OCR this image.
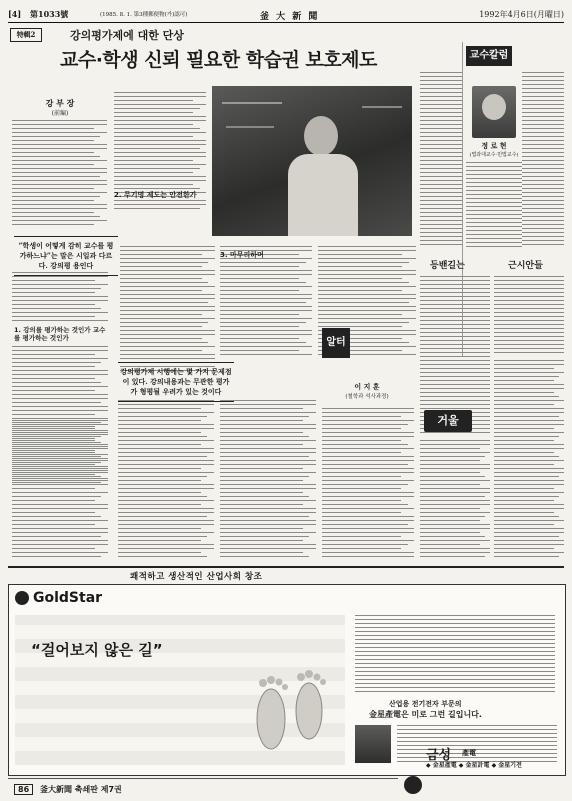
[4] 第1033號	(1985. 8. 1. 第3種郵便物(가)認可)	釜 大 新 聞	1992年4月6日(月曜日)
特輯2	강의평가제에 대한 단상
교수·학생 신뢰 필요한 학습권 보호제도
강 부 장
(前編)
2. 무기명 제도는 안전한가
교수칼럼
정 로 현
(법과대교수·민법교수)
등밴길는	근시안들
“학생이 어떻게 감히 교수를 평가하느냐”는 말은 시일과 다르다. 강의평 용인다
1. 강의를 평가하는 것인가 교수를 평가하는 것인가
3. 마무리하며
강의평가제 시행에는 몇 가지 문제점이 있다. 강의내용과는 무관한 평가가 형평될 우려가 있는 것이다
알터
이 지 훈
(철학과 석사과정)
거울
쾌적하고 생산적인 산업사회 창조
GoldStar
“걸어보지 않은 길”
산업용 전기전자 부문의
金星產電은 미로 그런 길입니다.
금성 產電
◆ 金星產電 ◆ 金星計電 ◆ 金星기전
86	釜大新聞 축쇄판 제7권
